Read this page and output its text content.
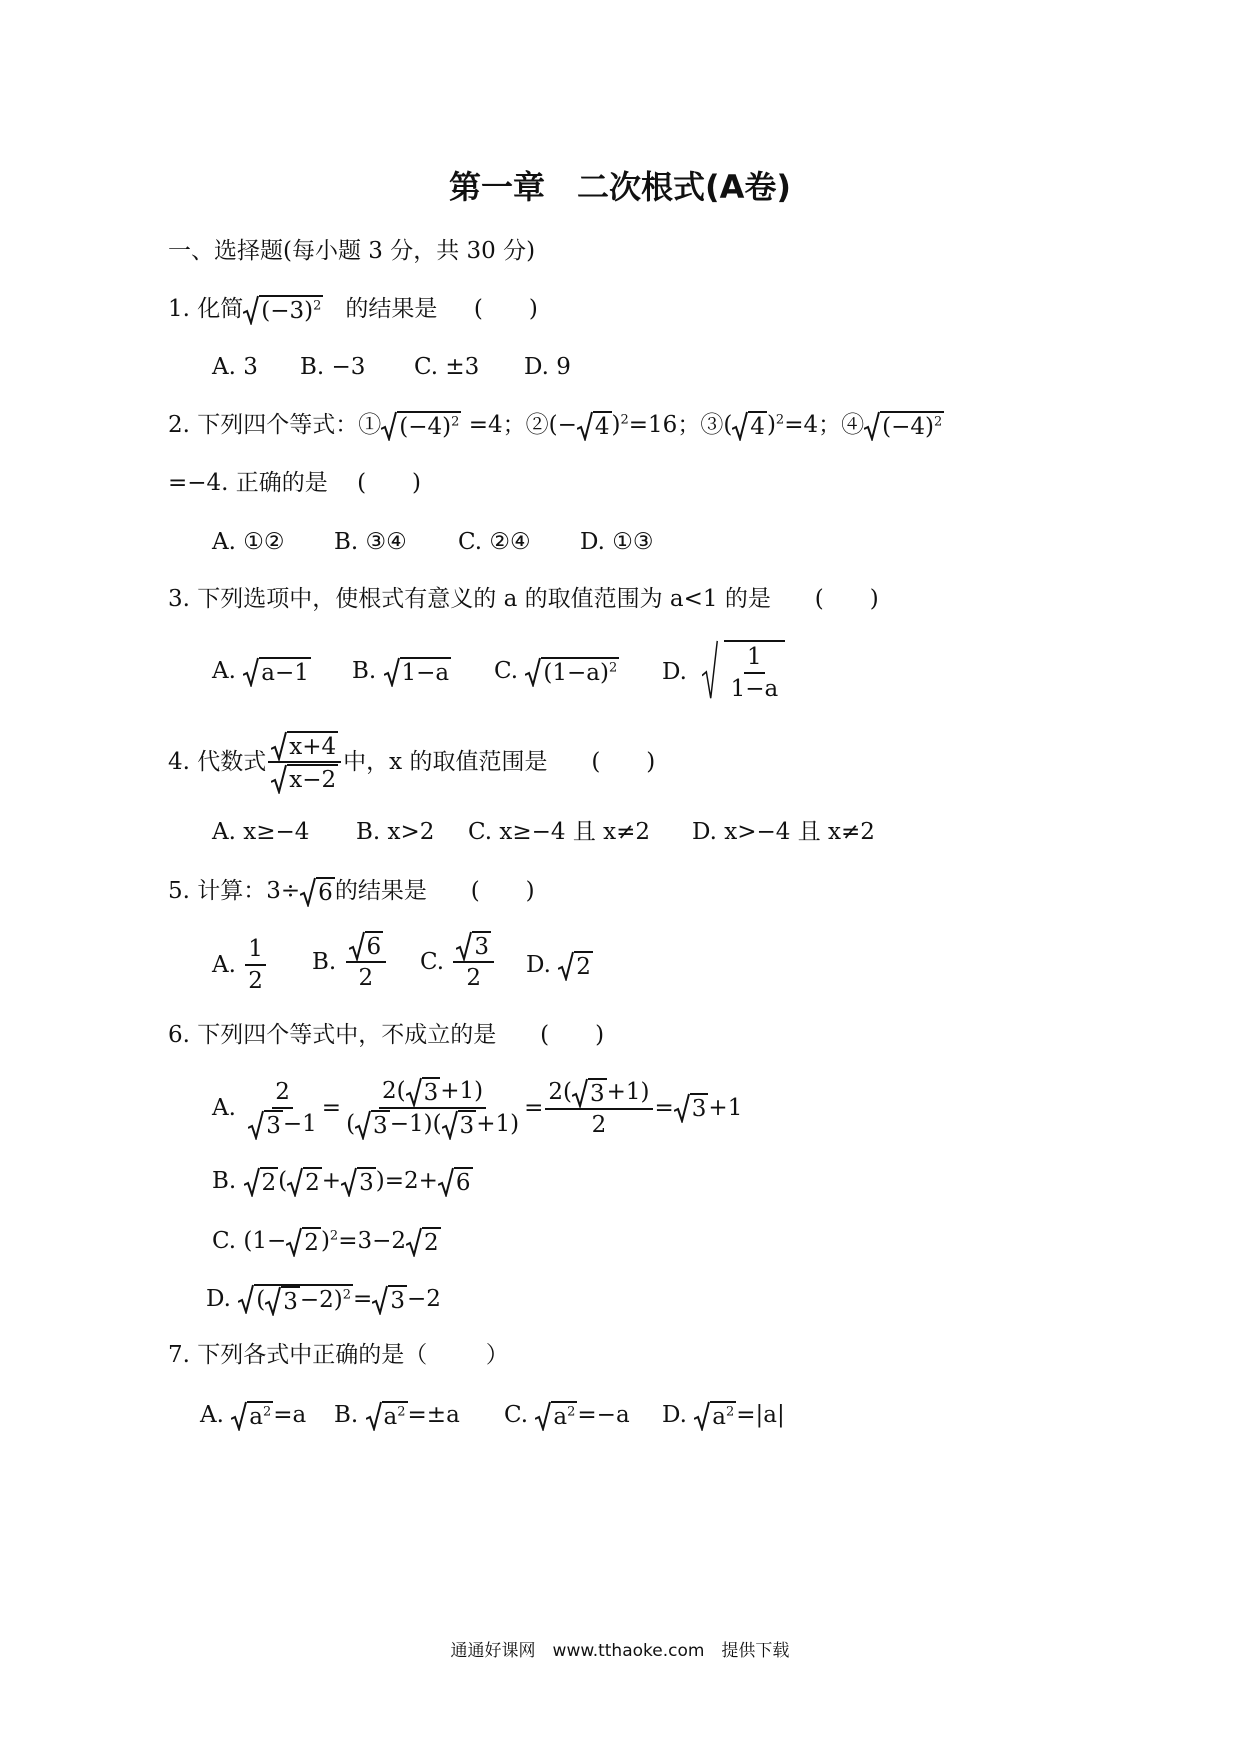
第一章　二次根式(A卷)
一、选择题(每小题 3 分，共 30 分)
1. 化简 $(-3)^2$ 的结果是 (　　)
A. 3 B. −3 C. ±3 D. 9
2. 下列四个等式：① $(-4)^2 =4$；②(− 4 )$^2$=16；③( 4 )$^2$=4；④ $(-4)^2$
=−4. 正确的是 (　　)
A. ①② B. ③④ C. ②④ D. ①③
3. 下列选项中，使根式有意义的 a 的取值范围为 a<1 的是 (　　)
A. a−1 B. 1−a C. $(1-a)^2$ D.
$\frac{1}{1-a}$
4. 代数式 $\frac{x+4}{x-2}$ 中，x 的取值范围是
(　　)
A. x≥−4 B. x>2 C. x≥−4 且 x≠2 D. x>−4 且 x≠2
5. 计算：3÷ 6 的结果是 (　　)
A.
$\frac{1}{2} B$.
$\frac{6}{2} C$.
$\frac{3}{2} D$. 2
6. 下列四个等式中，不成立的是 (　　)
A.
$\frac{2}{3 -1} = \frac{2( 3 +1)}{( 3 -1)( 3 +1)} = \frac{2( 3 +1)}{2} = 3 +1$
B. 2 ( 2 + 3 )=2+ 6
C. (1− 2 )$^2$=3−2 2
D. ( 3 −2)$^2$ = 3 −2
7. 下列各式中正确的是（	）
A. $a^2 =a$ B. $a^2 =\pm a$ C. $a^2 =-a$ D. $a^2 =|a|$
通通好课网　www.tthaoke.com　提供下载
